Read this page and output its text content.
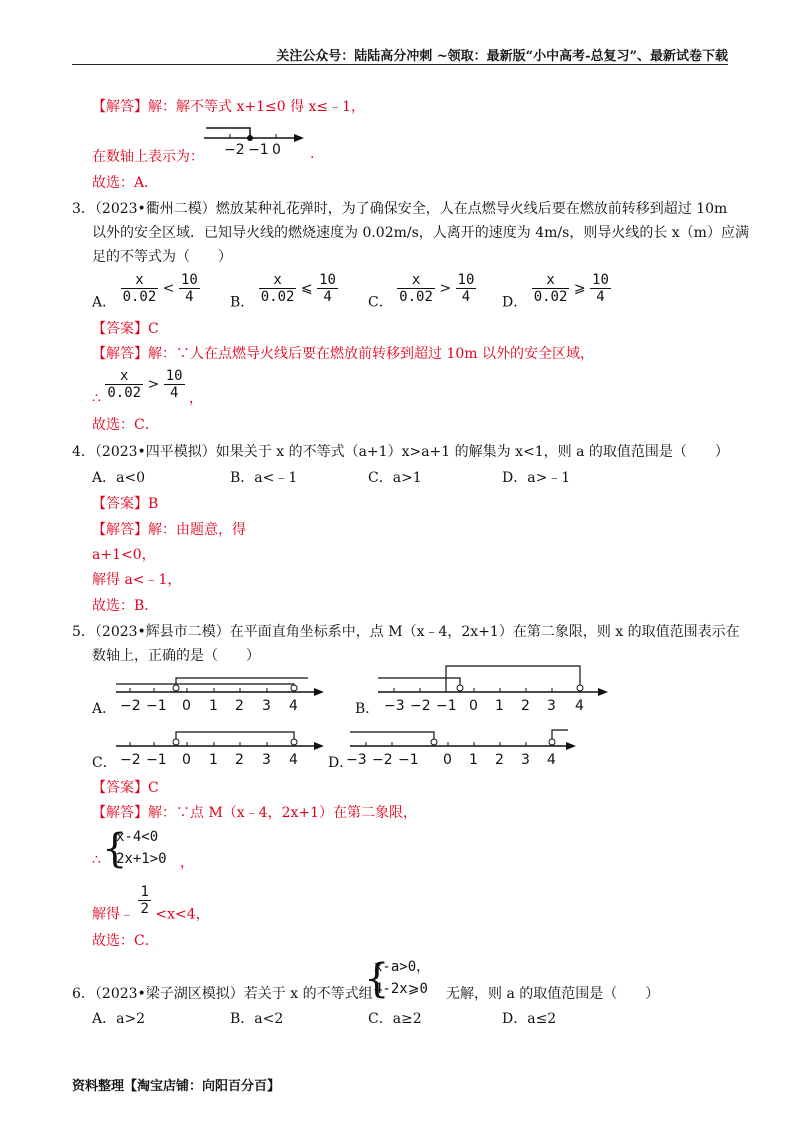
关注公众号：陆陆高分冲刺 ~领取：最新版“小中高考-总复习”、最新试卷下载
【解答】解：解不等式 x+1≤0 得 x≤﹣1，
−2 −1 0
在数轴上表示为：	.
故选：A．
3．（2023•衢州二模）燃放某种礼花弹时，为了确保安全，人在点燃导火线后要在燃放前转移到超过 10m
以外的安全区域．已知导火线的燃烧速度为 0.02m/s，人离开的速度为 4m/s，则导火线的长 x（m）应满
足的不等式为（　　）
A． $\frac{x}{0.02} < \frac{10}{4}$ B． $\frac{x}{0.02}$ ⩽ $\frac{10}{4}$ C． $\frac{x}{0.02} > \frac{10}{4}$ D． $\frac{x}{0.02}$ ⩾ $\frac{10}{4}$
【答案】C
【解答】解：∵人在点燃导火线后要在燃放前转移到超过 10m 以外的安全区域，
∴ $\frac{x}{0.02} > \frac{10}{4}$ ，
故选：C．
4．（2023•四平模拟）如果关于 x 的不等式（a+1）x>a+1 的解集为 x<1，则 a 的取值范围是（　　）
A．a<0	B．a<﹣1	C．a>1	D．a>﹣1
【答案】B
【解答】解：由题意，得
a+1<0，
解得 a<﹣1，
故选：B．
5．（2023•辉县市二模）在平面直角坐标系中，点 M（x﹣4，2x+1）在第二象限，则 x 的取值范围表示在
数轴上，正确的是（　　）
A． −2 −1 0 1 2 3 4	B． −3 −2 −1 0 1 2 3 4
C． −2 −1 0 1 2 3 4 D．
−3 −2 −1 0 1 2 3 4
【答案】C
【解答】解：∵点 M（x﹣4，2x+1）在第二象限，
∴ {
x-4<0
2x+1>0 ，
解得﹣ $\frac{1}{2} <x<4$，
故选：C．
6．（2023•梁子湖区模拟）若关于 x 的不等式组
{
x-a>0，
4-2x⩾0 无解，则 a 的取值范围是（　　）
A．a>2	B．a<2	C．a≥2	D．a≤2
资料整理【淘宝店铺：向阳百分百】
